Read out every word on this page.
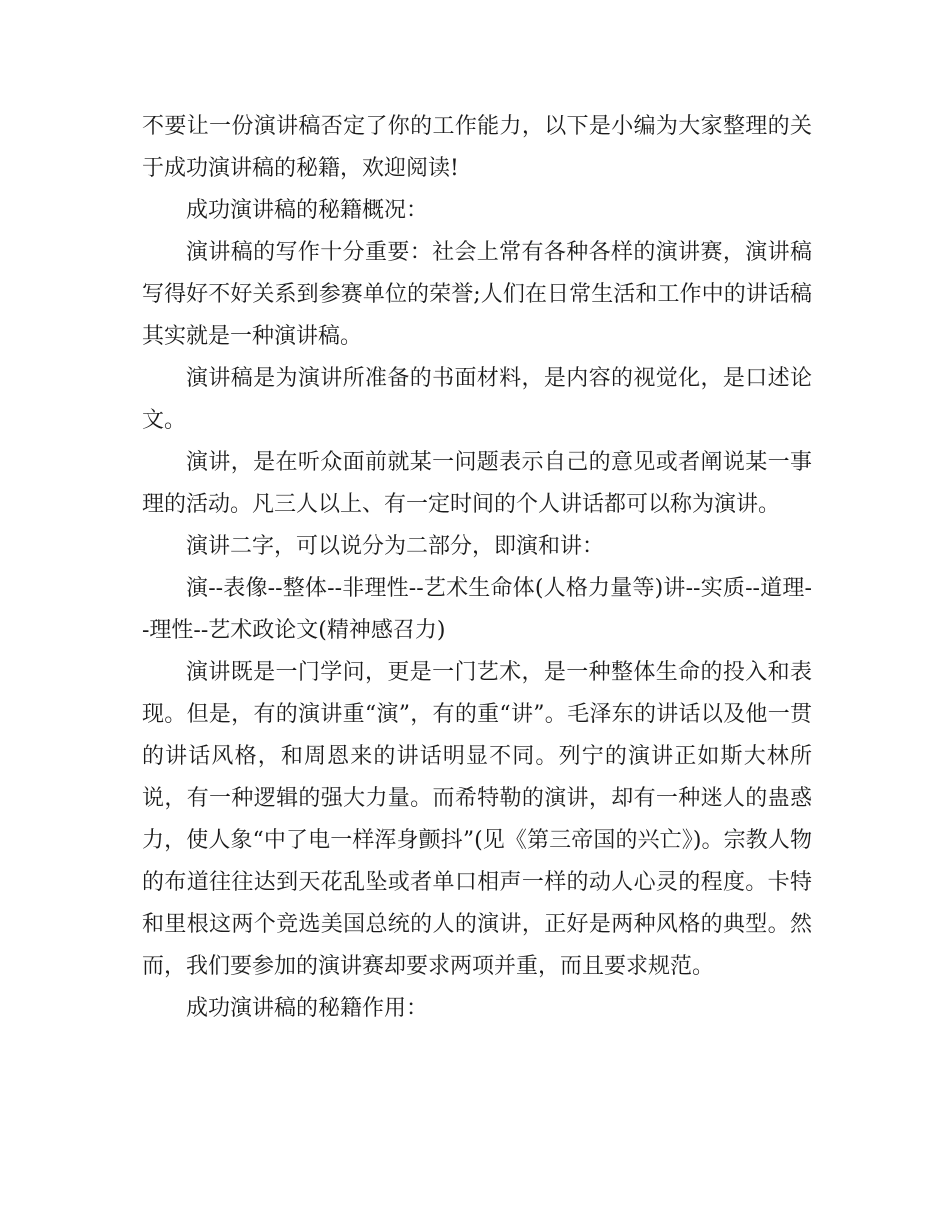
不要让一份演讲稿否定了你的工作能力，以下是小编为大家整理的关于成功演讲稿的秘籍，欢迎阅读!

成功演讲稿的秘籍概况：

演讲稿的写作十分重要：社会上常有各种各样的演讲赛，演讲稿写得好不好关系到参赛单位的荣誉;人们在日常生活和工作中的讲话稿其实就是一种演讲稿。

演讲稿是为演讲所准备的书面材料，是内容的视觉化，是口述论文。

演讲，是在听众面前就某一问题表示自己的意见或者阐说某一事理的活动。凡三人以上、有一定时间的个人讲话都可以称为演讲。

演讲二字，可以说分为二部分，即演和讲：

演--表像--整体--非理性--艺术生命体(人格力量等)讲--实质--道理--理性--艺术政论文(精神感召力)

演讲既是一门学问，更是一门艺术，是一种整体生命的投入和表现。但是，有的演讲重“演”，有的重“讲”。毛泽东的讲话以及他一贯的讲话风格，和周恩来的讲话明显不同。列宁的演讲正如斯大林所说，有一种逻辑的强大力量。而希特勒的演讲，却有一种迷人的蛊惑力，使人象“中了电一样浑身颤抖”(见《第三帝国的兴亡》)。宗教人物的布道往往达到天花乱坠或者单口相声一样的动人心灵的程度。卡特和里根这两个竞选美国总统的人的演讲，正好是两种风格的典型。然而，我们要参加的演讲赛却要求两项并重，而且要求规范。

成功演讲稿的秘籍作用：
